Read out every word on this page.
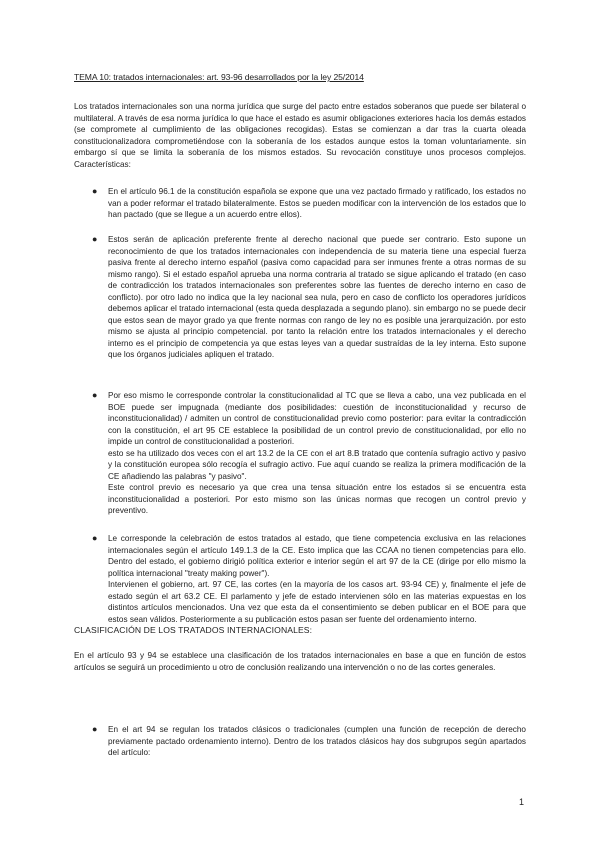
TEMA 10: tratados internacionales: art. 93-96 desarrollados por la ley 25/2014

Los tratados internacionales son una norma jurídica que surge del pacto entre estados soberanos que puede ser bilateral o multilateral. A través de esa norma jurídica lo que hace el estado es asumir obligaciones exteriores hacia los demás estados (se compromete al cumplimiento de las obligaciones recogidas). Estas se comienzan a dar tras la cuarta oleada constitucionalizadora comprometiéndose con la soberanía de los estados aunque estos la toman voluntariamente. sin embargo sí que se limita la soberanía de los mismos estados. Su revocación constituye unos procesos complejos. Características:

● En el artículo 96.1 de la constitución española se expone que una vez pactado firmado y ratificado, los estados no van a poder reformar el tratado bilateralmente. Estos se pueden modificar con la intervención de los estados que lo han pactado (que se llegue a un acuerdo entre ellos).

● Estos serán de aplicación preferente frente al derecho nacional que puede ser contrario. Esto supone un reconocimiento de que los tratados internacionales con independencia de su materia tiene una especial fuerza pasiva frente al derecho interno español (pasiva como capacidad para ser inmunes frente a otras normas de su mismo rango). Si el estado español aprueba una norma contraria al tratado se sigue aplicando el tratado (en caso de contradicción los tratados internacionales son preferentes sobre las fuentes de derecho interno en caso de conflicto). por otro lado no indica que la ley nacional sea nula, pero en caso de conflicto los operadores jurídicos debemos aplicar el tratado internacional (esta queda desplazada a segundo plano). sin embargo no se puede decir que estos sean de mayor grado ya que frente normas con rango de ley no es posible una jerarquización. por esto mismo se ajusta al principio competencial. por tanto la relación entre los tratados internacionales y el derecho interno es el principio de competencia ya que estas leyes van a quedar sustraídas de la ley interna. Esto supone que los órganos judiciales apliquen el tratado.

● Por eso mismo le corresponde controlar la constitucionalidad al TC que se lleva a cabo, una vez publicada en el BOE puede ser impugnada (mediante dos posibilidades: cuestión de inconstitucionalidad y recurso de inconstitucionalidad) / admiten un control de constitucionalidad previo como posterior: para evitar la contradicción con la constitución, el art 95 CE establece la posibilidad de un control previo de constitucionalidad, por ello no impide un control de constitucionalidad a posteriori.

esto se ha utilizado dos veces con el art 13.2 de la CE con el art 8.B tratado que contenía sufragio activo y pasivo y la constitución europea sólo recogía el sufragio activo. Fue aquí cuando se realiza la primera modificación de la CE añadiendo las palabras "y pasivo".

Este control previo es necesario ya que crea una tensa situación entre los estados si se encuentra esta inconstitucionalidad a posteriori. Por esto mismo son las únicas normas que recogen un control previo y preventivo.

● Le corresponde la celebración de estos tratados al estado, que tiene competencia exclusiva en las relaciones internacionales según el artículo 149.1.3 de la CE. Esto implica que las CCAA no tienen competencias para ello. Dentro del estado, el gobierno dirigió política exterior e interior según el art 97 de la CE (dirige por ello mismo la política internacional "treaty making power").

Intervienen el gobierno, art. 97 CE, las cortes (en la mayoría de los casos art. 93-94 CE) y, finalmente el jefe de estado según el art 63.2 CE. El parlamento y jefe de estado intervienen sólo en las materias expuestas en los distintos artículos mencionados. Una vez que esta da el consentimiento se deben publicar en el BOE para que estos sean válidos. Posteriormente a su publicación estos pasan ser fuente del ordenamiento interno.

CLASIFICACIÓN DE LOS TRATADOS INTERNACIONALES:

En el artículo 93 y 94 se establece una clasificación de los tratados internacionales en base a que en función de estos artículos se seguirá un procedimiento u otro de conclusión realizando una intervención o no de las cortes generales.

● En el art 94 se regulan los tratados clásicos o tradicionales (cumplen una función de recepción de derecho previamente pactado ordenamiento interno). Dentro de los tratados clásicos hay dos subgrupos según apartados del artículo:

1
